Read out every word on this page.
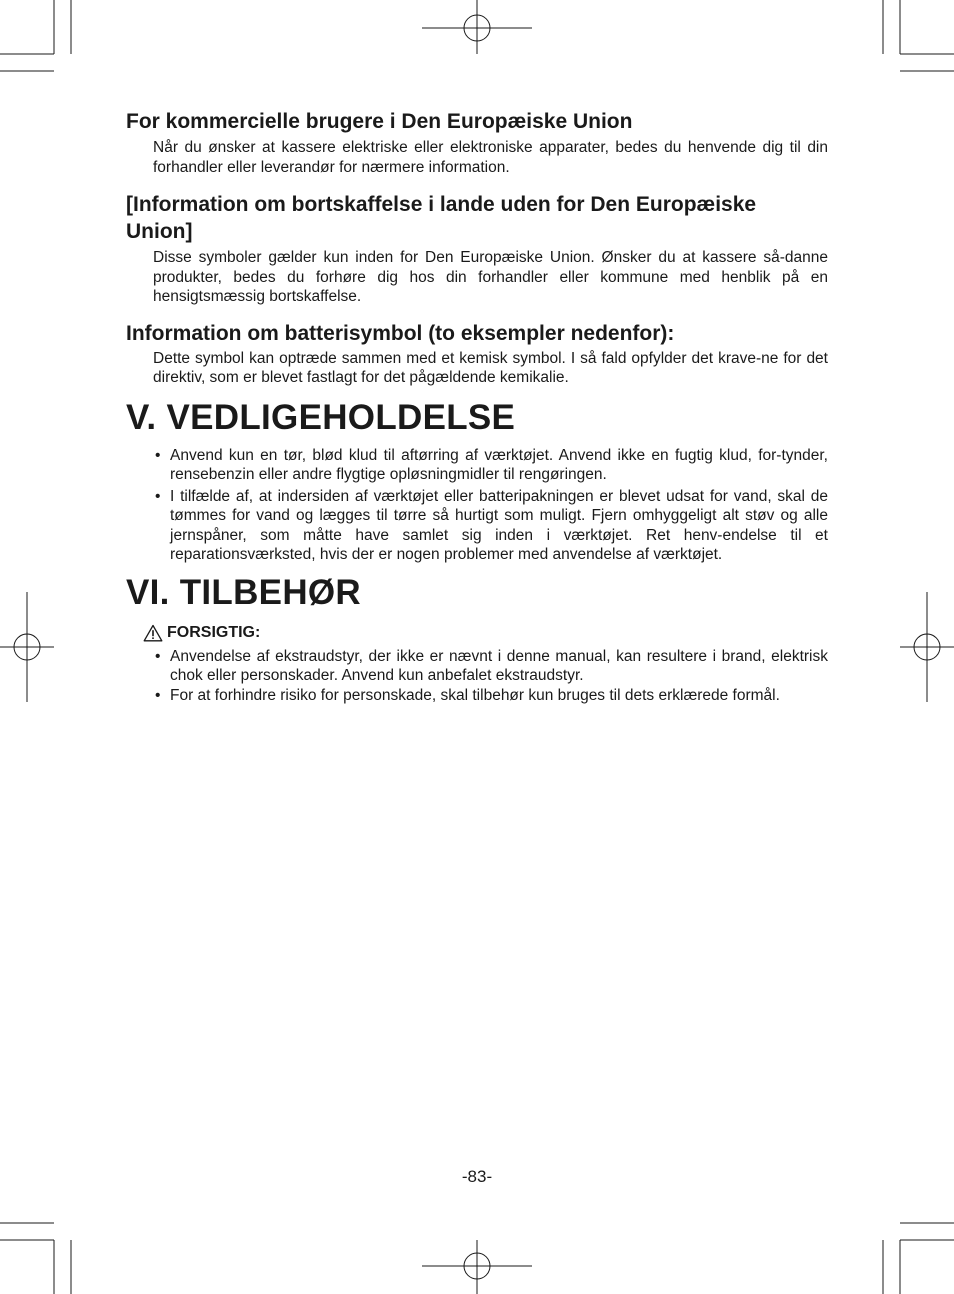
For kommercielle brugere i Den Europæiske Union

Når du ønsker at kassere elektriske eller elektroniske apparater, bedes du henvende dig til din forhandler eller leverandør for nærmere information.

[Information om bortskaffelse i lande uden for Den Europæiske Union]

Disse symboler gælder kun inden for Den Europæiske Union. Ønsker du at kassere så-danne produkter, bedes du forhøre dig hos din forhandler eller kommune med henblik på en hensigtsmæssig bortskaffelse.

Information om batterisymbol (to eksempler nedenfor):

Dette symbol kan optræde sammen med et kemisk symbol. I så fald opfylder det krave-ne for det direktiv, som er blevet fastlagt for det pågældende kemikalie.

V. VEDLIGEHOLDELSE
• Anvend kun en tør, blød klud til aftørring af værktøjet. Anvend ikke en fugtig klud, for-tynder, rensebenzin eller andre flygtige opløsningmidler til rengøringen.
• I tilfælde af, at indersiden af værktøjet eller batteripakningen er blevet udsat for vand, skal de tømmes for vand og lægges til tørre så hurtigt som muligt. Fjern omhyggeligt alt støv og alle jernspåner, som måtte have samlet sig inden i værktøjet. Ret henv-endelse til et reparationsværksted, hvis der er nogen problemer med anvendelse af værktøjet.
VI. TILBEHØR
FORSIGTIG:
• Anvendelse af ekstraudstyr, der ikke er nævnt i denne manual, kan resultere i brand, elektrisk chok eller personskader. Anvend kun anbefalet ekstraudstyr.
• For at forhindre risiko for personskade, skal tilbehør kun bruges til dets erklærede formål.
-83-
